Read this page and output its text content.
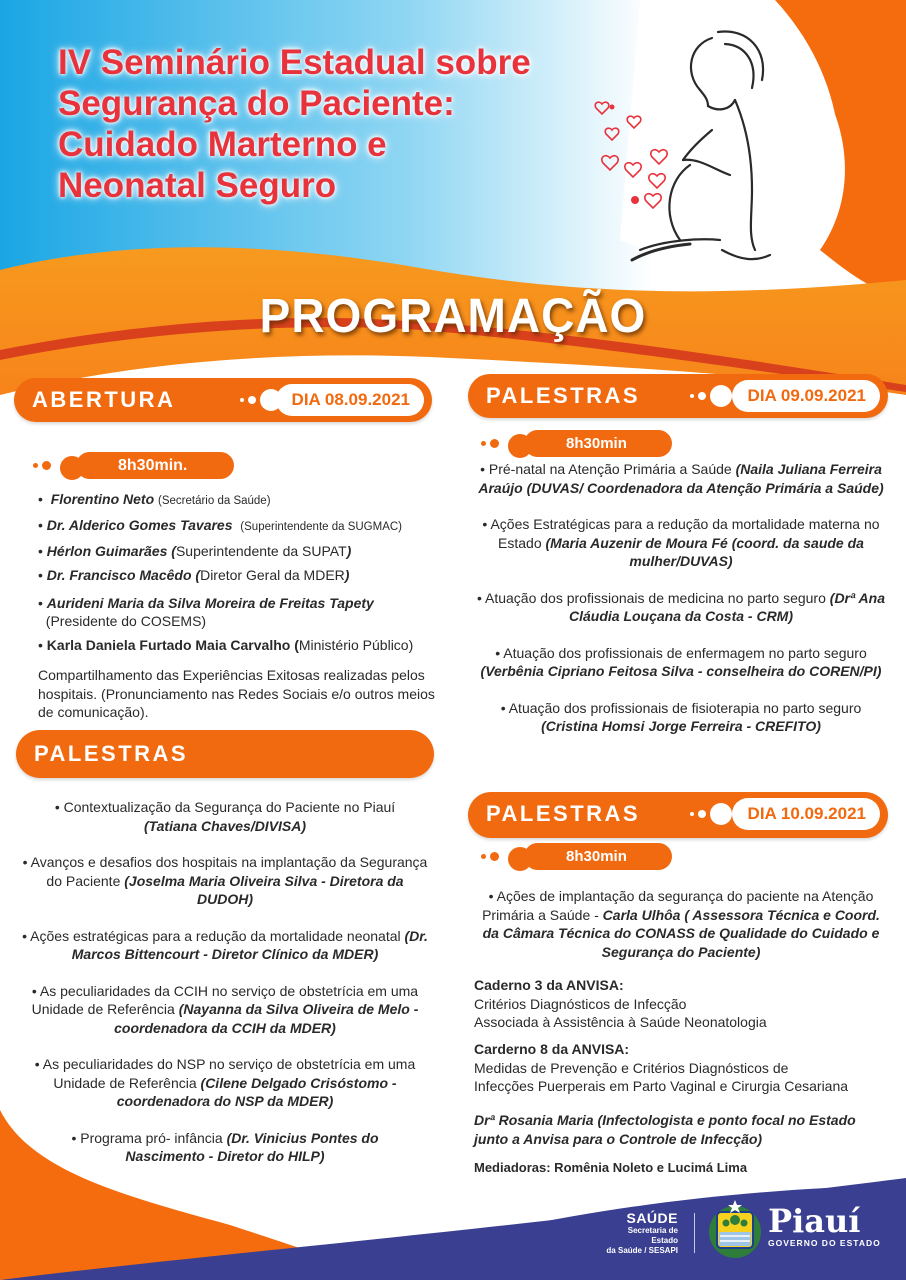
IV Seminário Estadual sobre
Segurança do Paciente:
Cuidado Marterno e
Neonatal Seguro
PROGRAMAÇÃO
ABERTURA	DIA 08.09.2021
8h30min.
•  Florentino Neto (Secretário da Saúde)
• Dr. Alderico Gomes Tavares (Superintendente da SUGMAC)
• Hérlon Guimarães (Superintendente da SUPAT)
• Dr. Francisco Macêdo (Diretor Geral da MDER)
• Aurideni Maria da Silva Moreira de Freitas Tapety
(Presidente do COSEMS)
• Karla Daniela Furtado Maia Carvalho (Ministério Público)
Compartilhamento das Experiências Exitosas realizadas pelos hospitais. (Pronunciamento nas Redes Sociais e/o outros meios de comunicação).
PALESTRAS
• Contextualização da Segurança do Paciente no Piauí
(Tatiana Chaves/DIVISA)
• Avanços e desafios dos hospitais na implantação da Segurança do Paciente (Joselma Maria Oliveira Silva - Diretora da DUDOH)
• Ações estratégicas para a redução da mortalidade neonatal (Dr. Marcos Bittencourt - Diretor Clínico da MDER)
• As peculiaridades da CCIH no serviço de obstetrícia em uma Unidade de Referência (Nayanna da Silva Oliveira de Melo - coordenadora da CCIH da MDER)
• As peculiaridades do NSP no serviço de obstetrícia em uma Unidade de Referência (Cilene Delgado Crisóstomo - coordenadora do NSP da MDER)
• Programa pró- infância (Dr. Vinicius Pontes do Nascimento - Diretor do HILP)
PALESTRAS	DIA 09.09.2021
8h30min
• Pré-natal na Atenção Primária a Saúde (Naila Juliana Ferreira Araújo (DUVAS/ Coordenadora da Atenção Primária a Saúde)
• Ações Estratégicas para a redução da mortalidade materna no Estado (Maria Auzenir de Moura Fé (coord. da saude da mulher/DUVAS)
• Atuação dos profissionais de medicina no parto seguro (Drª Ana Cláudia Louçana da Costa - CRM)
• Atuação dos profissionais de enfermagem no parto seguro (Verbênia Cipriano Feitosa Silva - conselheira do COREN/PI)
• Atuação dos profissionais de fisioterapia no parto seguro (Cristina Homsi Jorge Ferreira - CREFITO)
PALESTRAS	DIA 10.09.2021
8h30min
• Ações de implantação da segurança do paciente na Atenção Primária a Saúde - Carla Ulhôa ( Assessora Técnica e Coord. da Câmara Técnica do CONASS de Qualidade do Cuidado e Segurança do Paciente)
Caderno 3 da ANVISA:
Critérios Diagnósticos de Infecção
Associada à Assistência à Saúde Neonatologia
Carderno 8 da ANVISA:
Medidas de Prevenção e Critérios Diagnósticos de
Infecções Puerperais em Parto Vaginal e Cirurgia Cesariana
Drª Rosania Maria (Infectologista e ponto focal no Estado junto a Anvisa para o Controle de Infecção)
Mediadoras: Romênia Noleto e Lucimá Lima
SAÚDE
Secretaria de Estado
da Saúde / SESAPI
Piauí
GOVERNO DO ESTADO
